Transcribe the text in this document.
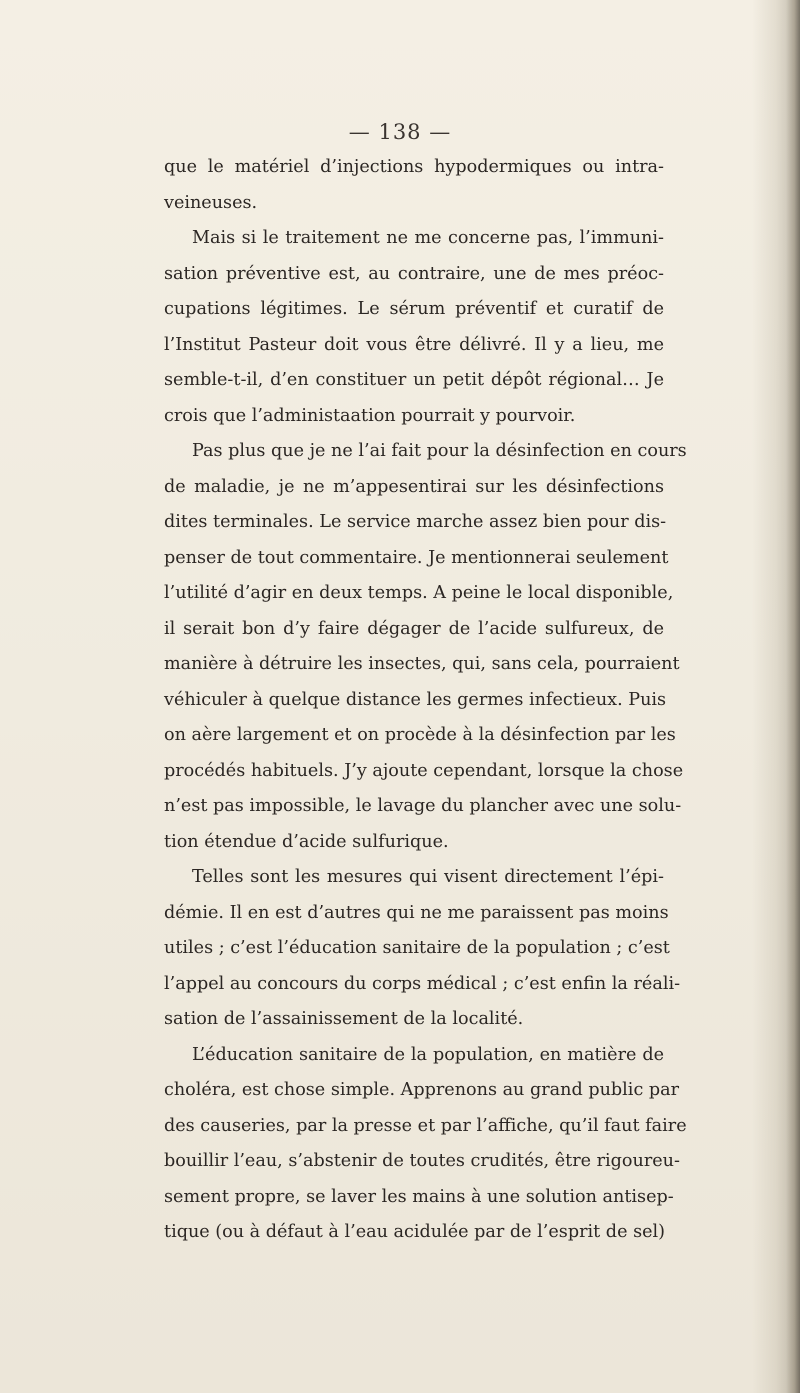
— 138 —
que le matériel d’injections hypodermiques ou intra-
veineuses.
Mais si le traitement ne me concerne pas, l’immuni-
sation préventive est, au contraire, une de mes préoc-
cupations légitimes. Le sérum préventif et curatif de
l’Institut Pasteur doit vous être délivré. Il y a lieu, me
semble-t-il, d’en constituer un petit dépôt régional… Je
crois que l’administaation pourrait y pourvoir.
Pas plus que je ne l’ai fait pour la désinfection en cours
de maladie, je ne m’appesentirai sur les désinfections
dites terminales. Le service marche assez bien pour dis-
penser de tout commentaire. Je mentionnerai seulement
l’utilité d’agir en deux temps. A peine le local disponible,
il serait bon d’y faire dégager de l’acide sulfureux, de
manière à détruire les insectes, qui, sans cela, pourraient
véhiculer à quelque distance les germes infectieux. Puis
on aère largement et on procède à la désinfection par les
procédés habituels. J’y ajoute cependant, lorsque la chose
n’est pas impossible, le lavage du plancher avec une solu-
tion étendue d’acide sulfurique.
Telles sont les mesures qui visent directement l’épi-
démie. Il en est d’autres qui ne me paraissent pas moins
utiles ; c’est l’éducation sanitaire de la population ; c’est
l’appel au concours du corps médical ; c’est enfin la réali-
sation de l’assainissement de la localité.
L’éducation sanitaire de la population, en matière de
choléra, est chose simple. Apprenons au grand public par
des causeries, par la presse et par l’affiche, qu’il faut faire
bouillir l’eau, s’abstenir de toutes crudités, être rigoureu-
sement propre, se laver les mains à une solution antisep-
tique (ou à défaut à l’eau acidulée par de l’esprit de sel)
